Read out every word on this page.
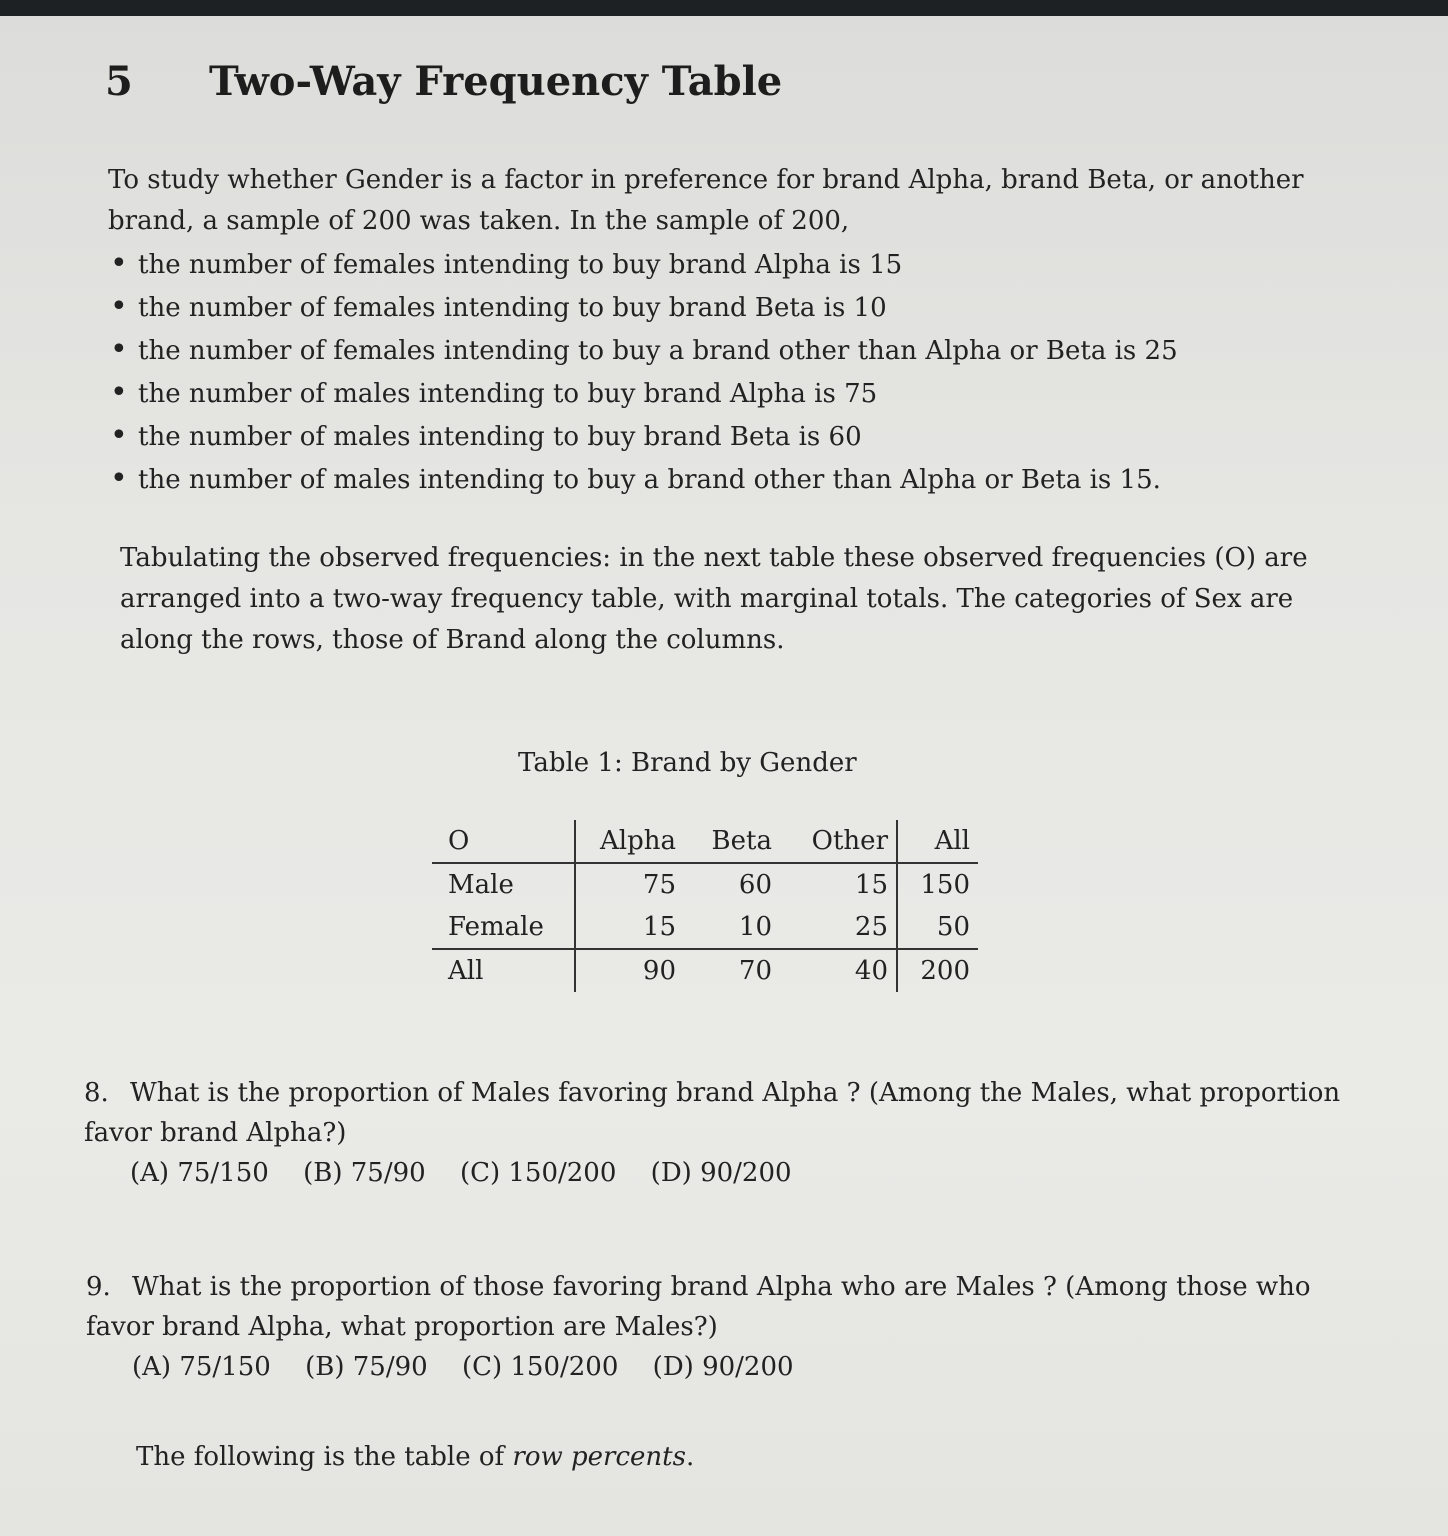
5 Two-Way Frequency Table
To study whether Gender is a factor in preference for brand Alpha, brand Beta, or another brand, a sample of 200 was taken. In the sample of 200,
• the number of females intending to buy brand Alpha is 15
• the number of females intending to buy brand Beta is 10
• the number of females intending to buy a brand other than Alpha or Beta is 25
• the number of males intending to buy brand Alpha is 75
• the number of males intending to buy brand Beta is 60
• the number of males intending to buy a brand other than Alpha or Beta is 15.
Tabulating the observed frequencies: in the next table these observed frequencies (O) are arranged into a two-way frequency table, with marginal totals. The categories of Sex are along the rows, those of Brand along the columns.
Table 1: Brand by Gender
O	Alpha	Beta	Other	All
Male	75	60	15	150
Female	15	10	25	50
All	90	70	40	200
8. What is the proportion of Males favoring brand Alpha ? (Among the Males, what proportion favor brand Alpha?)
(A) 75/150 (B) 75/90 (C) 150/200 (D) 90/200
9. What is the proportion of those favoring brand Alpha who are Males ? (Among those who favor brand Alpha, what proportion are Males?)
(A) 75/150 (B) 75/90 (C) 150/200 (D) 90/200
The following is the table of row percents.
